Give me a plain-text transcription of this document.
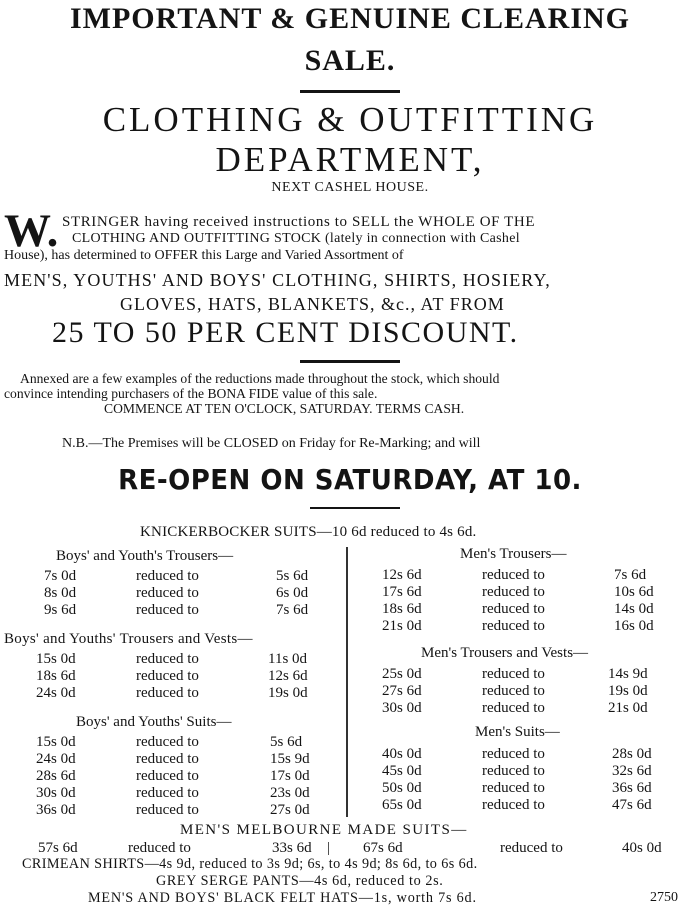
IMPORTANT & GENUINE CLEARING
SALE.
CLOTHING & OUTFITTING
DEPARTMENT,
NEXT CASHEL HOUSE.
W. STRINGER having received instructions to SELL the WHOLE OF THE
CLOTHING AND OUTFITTING STOCK (lately in connection with Cashel
House), has determined to OFFER this Large and Varied Assortment of
MEN'S, YOUTHS' AND BOYS' CLOTHING, SHIRTS, HOSIERY,
GLOVES, HATS, BLANKETS, &c., AT FROM
25 TO 50 PER CENT DISCOUNT.
Annexed are a few examples of the reductions made throughout the stock, which should
convince intending purchasers of the BONA FIDE value of this sale.
COMMENCE AT TEN O'CLOCK, SATURDAY. TERMS CASH.
N.B.—The Premises will be CLOSED on Friday for Re-Marking; and will
RE-OPEN ON SATURDAY, AT 10.
KNICKERBOCKER SUITS—10 6d reduced to 4s 6d.
Boys' and Youth's Trousers—
7s 0d	reduced to	5s 6d
8s 0d	reduced to	6s 0d
9s 6d	reduced to	7s 6d
Boys' and Youths' Trousers and Vests—
15s 0d	reduced to	11s 0d
18s 6d	reduced to	12s 6d
24s 0d	reduced to	19s 0d
Boys' and Youths' Suits—
15s 0d	reduced to	5s 6d
24s 0d	reduced to	15s 9d
28s 6d	reduced to	17s 0d
30s 0d	reduced to	23s 0d
36s 0d	reduced to	27s 0d
Men's Trousers—
12s 6d	reduced to	7s 6d
17s 6d	reduced to	10s 6d
18s 6d	reduced to	14s 0d
21s 0d	reduced to	16s 0d
Men's Trousers and Vests—
25s 0d	reduced to	14s 9d
27s 6d	reduced to	19s 0d
30s 0d	reduced to	21s 0d
Men's Suits—
40s 0d	reduced to	28s 0d
45s 0d	reduced to	32s 6d
50s 0d	reduced to	36s 6d
65s 0d	reduced to	47s 6d
MEN'S MELBOURNE MADE SUITS—
57s 6d	reduced to	33s 6d | 67s 6d	reduced to	40s 0d
CRIMEAN SHIRTS—4s 9d, reduced to 3s 9d; 6s, to 4s 9d; 8s 6d, to 6s 6d.
GREY SERGE PANTS—4s 6d, reduced to 2s.
MEN'S AND BOYS' BLACK FELT HATS—1s, worth 7s 6d.	2750
